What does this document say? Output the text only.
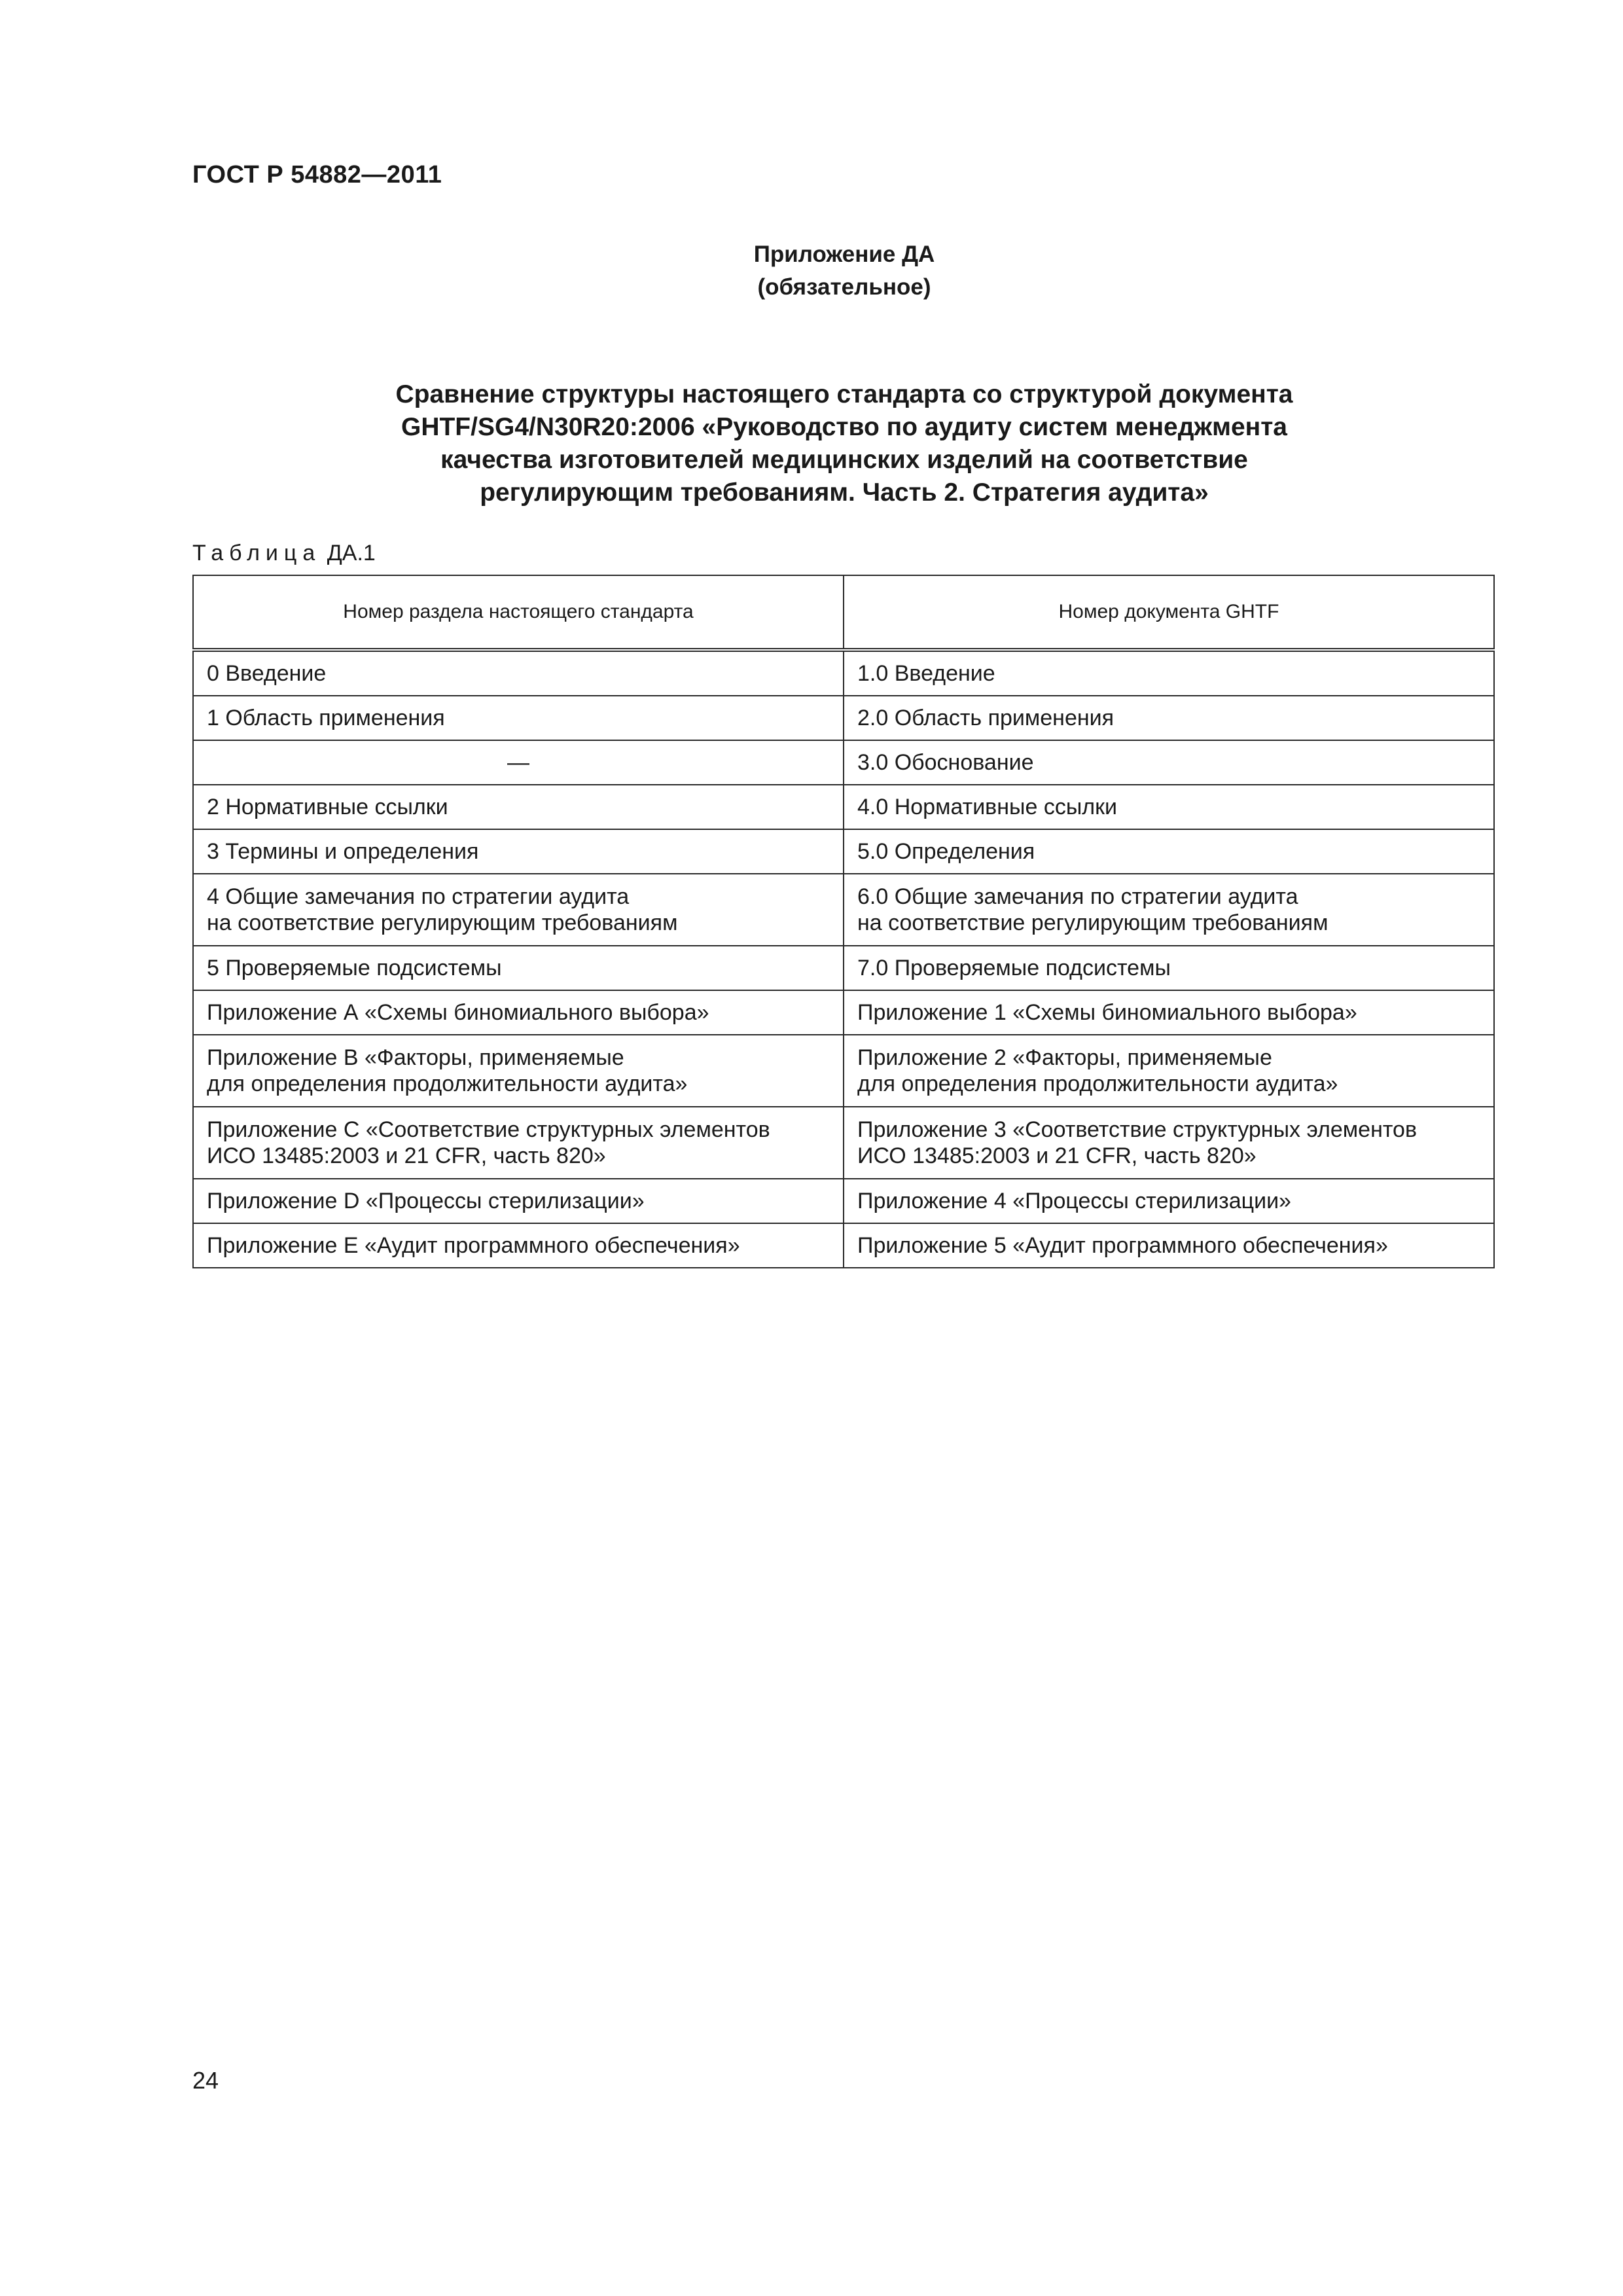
ГОСТ Р 54882—2011
Приложение ДА
(обязательное)
Сравнение структуры настоящего стандарта со структурой документа
GHTF/SG4/N30R20:2006 «Руководство по аудиту систем менеджмента
качества изготовителей медицинских изделий на соответствие
регулирующим требованиям. Часть 2. Стратегия аудита»
Таблица ДА.1
Номер раздела настоящего стандарта	Номер документа GHTF

0 Введение	1.0 Введение

1 Область применения	2.0 Область применения

—	3.0 Обоснование

2 Нормативные ссылки	4.0 Нормативные ссылки

3 Термины и определения	5.0 Определения

4 Общие замечания по стратегии аудита
на соответствие регулирующим требованиям	6.0 Общие замечания по стратегии аудита
на соответствие регулирующим требованиям

5 Проверяемые подсистемы	7.0 Проверяемые подсистемы

Приложение А «Схемы биномиального выбора»	Приложение 1 «Схемы биномиального выбора»

Приложение В «Факторы, применяемые
для определения продолжительности аудита»	Приложение 2 «Факторы, применяемые
для определения продолжительности аудита»

Приложение С «Соответствие структурных элементов
ИСО 13485:2003 и 21 CFR, часть 820»	Приложение 3 «Соответствие структурных элементов
ИСО 13485:2003 и 21 CFR, часть 820»

Приложение D «Процессы стерилизации»	Приложение 4 «Процессы стерилизации»

Приложение Е «Аудит программного обеспечения»	Приложение 5 «Аудит программного обеспечения»
24
